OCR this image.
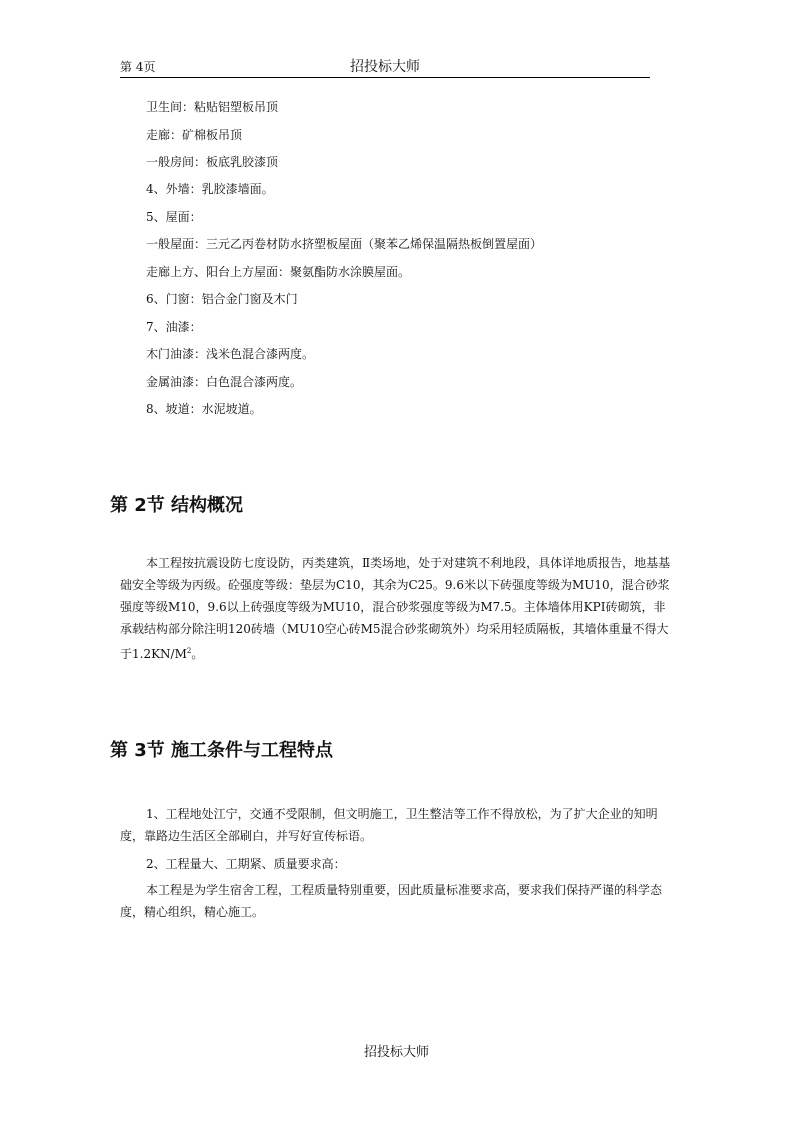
第 4页	招投标大师

卫生间：粘贴铝塑板吊顶

走廊：矿棉板吊顶

一般房间：板底乳胶漆顶

4、外墙：乳胶漆墙面。

5、屋面：

一般屋面：三元乙丙卷材防水挤塑板屋面（聚苯乙烯保温隔热板倒置屋面）

走廊上方、阳台上方屋面：聚氨酯防水涂膜屋面。

6、门窗：铝合金门窗及木门

7、油漆：

木门油漆：浅米色混合漆两度。

金属油漆：白色混合漆两度。

8、坡道：水泥坡道。

第 2节 结构概况

本工程按抗震设防七度设防，丙类建筑，Ⅱ类场地，处于对建筑不利地段，具体详地质报告，地基基础安全等级为丙级。砼强度等级：垫层为C10，其余为C25。9.6米以下砖强度等级为MU10，混合砂浆强度等级M10，9.6以上砖强度等级为MU10，混合砂浆强度等级为M7.5。主体墙体用KPI砖砌筑，非承载结构部分除注明120砖墙（MU10空心砖M5混合砂浆砌筑外）均采用轻质隔板，其墙体重量不得大于$1.2KN/M^2$。

第 3节 施工条件与工程特点

1、工程地处江宁，交通不受限制，但文明施工，卫生整洁等工作不得放松，为了扩大企业的知明度，靠路边生活区全部刷白，并写好宣传标语。

2、工程量大、工期紧、质量要求高：

本工程是为学生宿舍工程，工程质量特别重要，因此质量标准要求高，要求我们保持严谨的科学态度，精心组织，精心施工。

招投标大师
